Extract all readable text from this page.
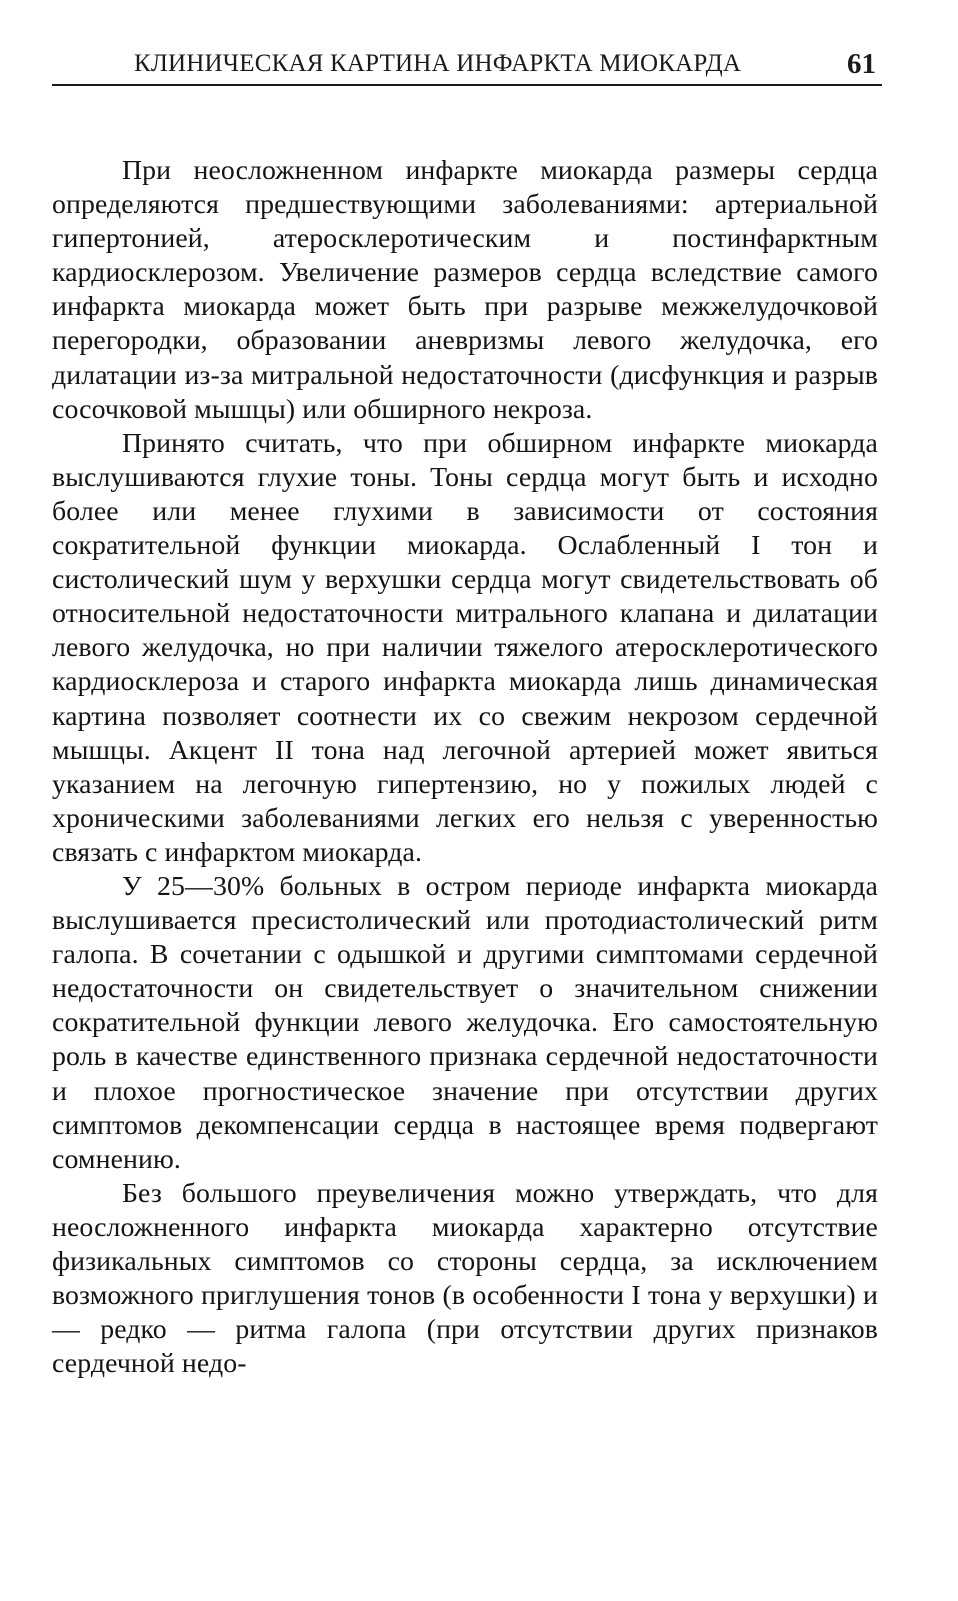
КЛИНИЧЕСКАЯ КАРТИНА ИНФАРКТА МИОКАРДА	61

При неосложненном инфаркте миокарда размеры сердца определяются предшествующими заболеваниями: артериальной гипертонией, атеросклеротическим и постинфарктным кардиосклерозом. Увеличение размеров сердца вследствие самого инфаркта миокарда может быть при разрыве межжелудочковой перегородки, образовании аневризмы левого желудочка, его дилатации из-за митральной недостаточности (дисфункция и разрыв сосочковой мышцы) или обширного некроза.

Принято считать, что при обширном инфаркте миокарда выслушиваются глухие тоны. Тоны сердца могут быть и исходно более или менее глухими в зависимости от состояния сократительной функции миокарда. Ослабленный I тон и систолический шум у верхушки сердца могут свидетельствовать об относительной недостаточности митрального клапана и дилатации левого желудочка, но при наличии тяжелого атеросклеротического кардиосклероза и старого инфаркта миокарда лишь динамическая картина позволяет соотнести их со свежим некрозом сердечной мышцы. Акцент II тона над легочной артерией может явиться указанием на легочную гипертензию, но у пожилых людей с хроническими заболеваниями легких его нельзя с уверенностью связать с инфарктом миокарда.

У 25—30% больных в остром периоде инфаркта миокарда выслушивается пресистолический или протодиастолический ритм галопа. В сочетании с одышкой и другими симптомами сердечной недостаточности он свидетельствует о значительном снижении сократительной функции левого желудочка. Его самостоятельную роль в качестве единственного признака сердечной недостаточности и плохое прогностическое значение при отсутствии других симптомов декомпенсации сердца в настоящее время подвергают сомнению.

Без большого преувеличения можно утверждать, что для неосложненного инфаркта миокарда характерно отсутствие физикальных симптомов со стороны сердца, за исключением возможного приглушения тонов (в особенности I тона у верхушки) и — редко — ритма галопа (при отсутствии других признаков сердечной недо-
